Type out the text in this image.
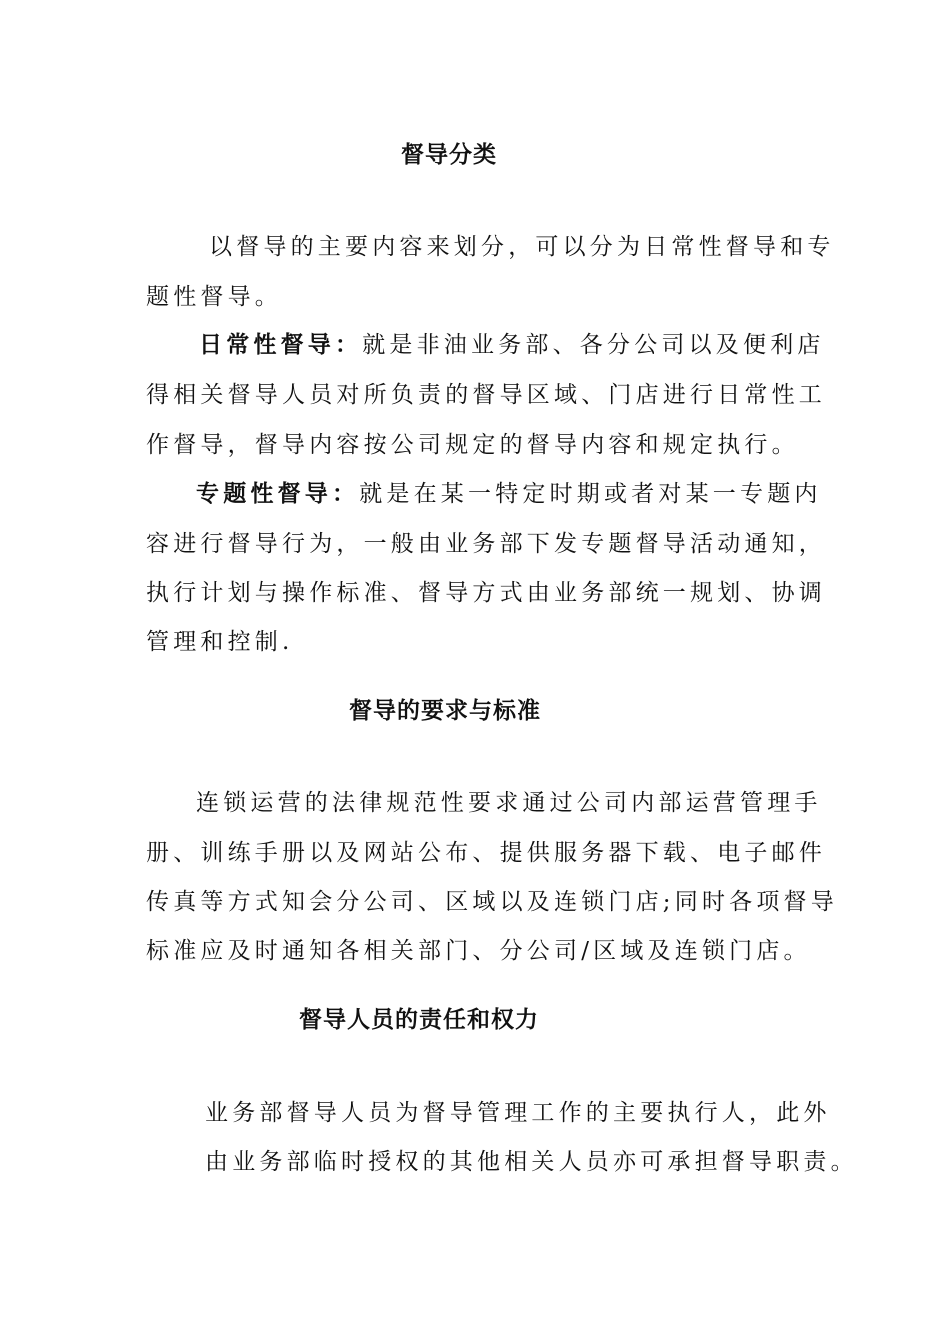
督导分类
以督导的主要内容来划分，可以分为日常性督导和专
题性督导。
日常性督导：就是非油业务部、各分公司以及便利店
得相关督导人员对所负责的督导区域、门店进行日常性工
作督导，督导内容按公司规定的督导内容和规定执行。
专题性督导：就是在某一特定时期或者对某一专题内
容进行督导行为，一般由业务部下发专题督导活动通知，
执行计划与操作标准、督导方式由业务部统一规划、协调
管理和控制.
督导的要求与标准
连锁运营的法律规范性要求通过公司内部运营管理手
册、训练手册以及网站公布、提供服务器下载、电子邮件
传真等方式知会分公司、区域以及连锁门店;同时各项督导
标准应及时通知各相关部门、分公司/区域及连锁门店。
督导人员的责任和权力
业务部督导人员为督导管理工作的主要执行人，此外
由业务部临时授权的其他相关人员亦可承担督导职责。
